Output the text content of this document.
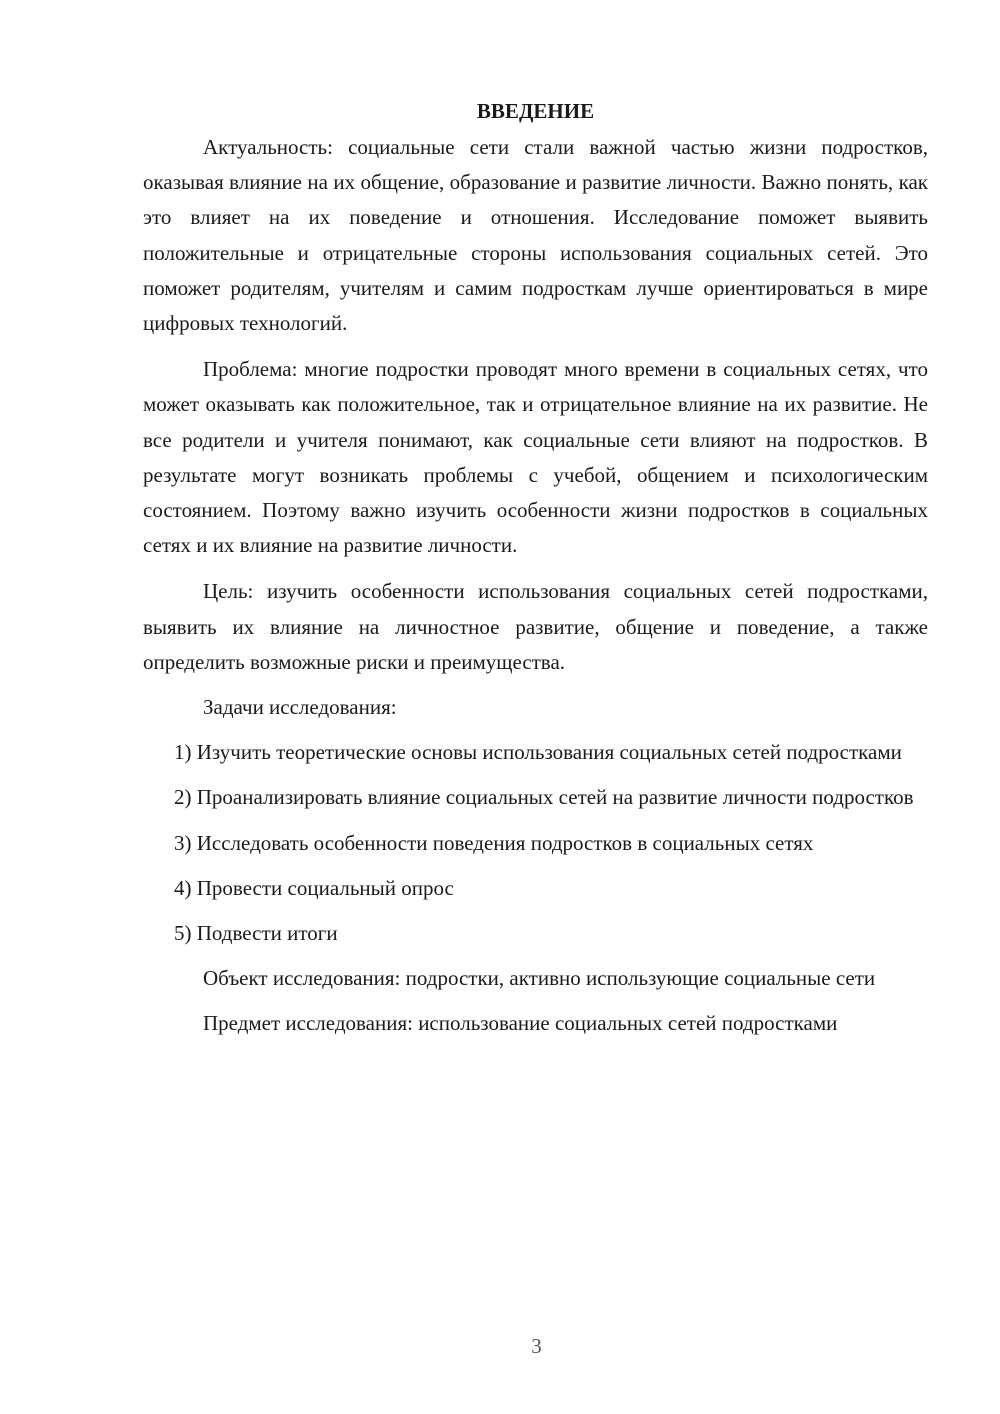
ВВЕДЕНИЕ

Актуальность: социальные сети стали важной частью жизни подростков, оказывая влияние на их общение, образование и развитие личности. Важно понять, как это влияет на их поведение и отношения. Исследование поможет выявить положительные и отрицательные стороны использования социальных сетей. Это поможет родителям, учителям и самим подросткам лучше ориентироваться в мире цифровых технологий.

Проблема: многие подростки проводят много времени в социальных сетях, что может оказывать как положительное, так и отрицательное влияние на их развитие. Не все родители и учителя понимают, как социальные сети влияют на подростков. В результате могут возникать проблемы с учебой, общением и психологическим состоянием. Поэтому важно изучить особенности жизни подростков в социальных сетях и их влияние на развитие личности.

Цель: изучить особенности использования социальных сетей подростками, выявить их влияние на личностное развитие, общение и поведение, а также определить возможные риски и преимущества.

Задачи исследования:

1) Изучить теоретические основы использования социальных сетей подростками

2) Проанализировать влияние социальных сетей на развитие личности подростков

3) Исследовать особенности поведения подростков в социальных сетях

4) Провести социальный опрос

5) Подвести итоги

Объект исследования: подростки, активно использующие социальные сети

Предмет исследования: использование социальных сетей подростками

3
